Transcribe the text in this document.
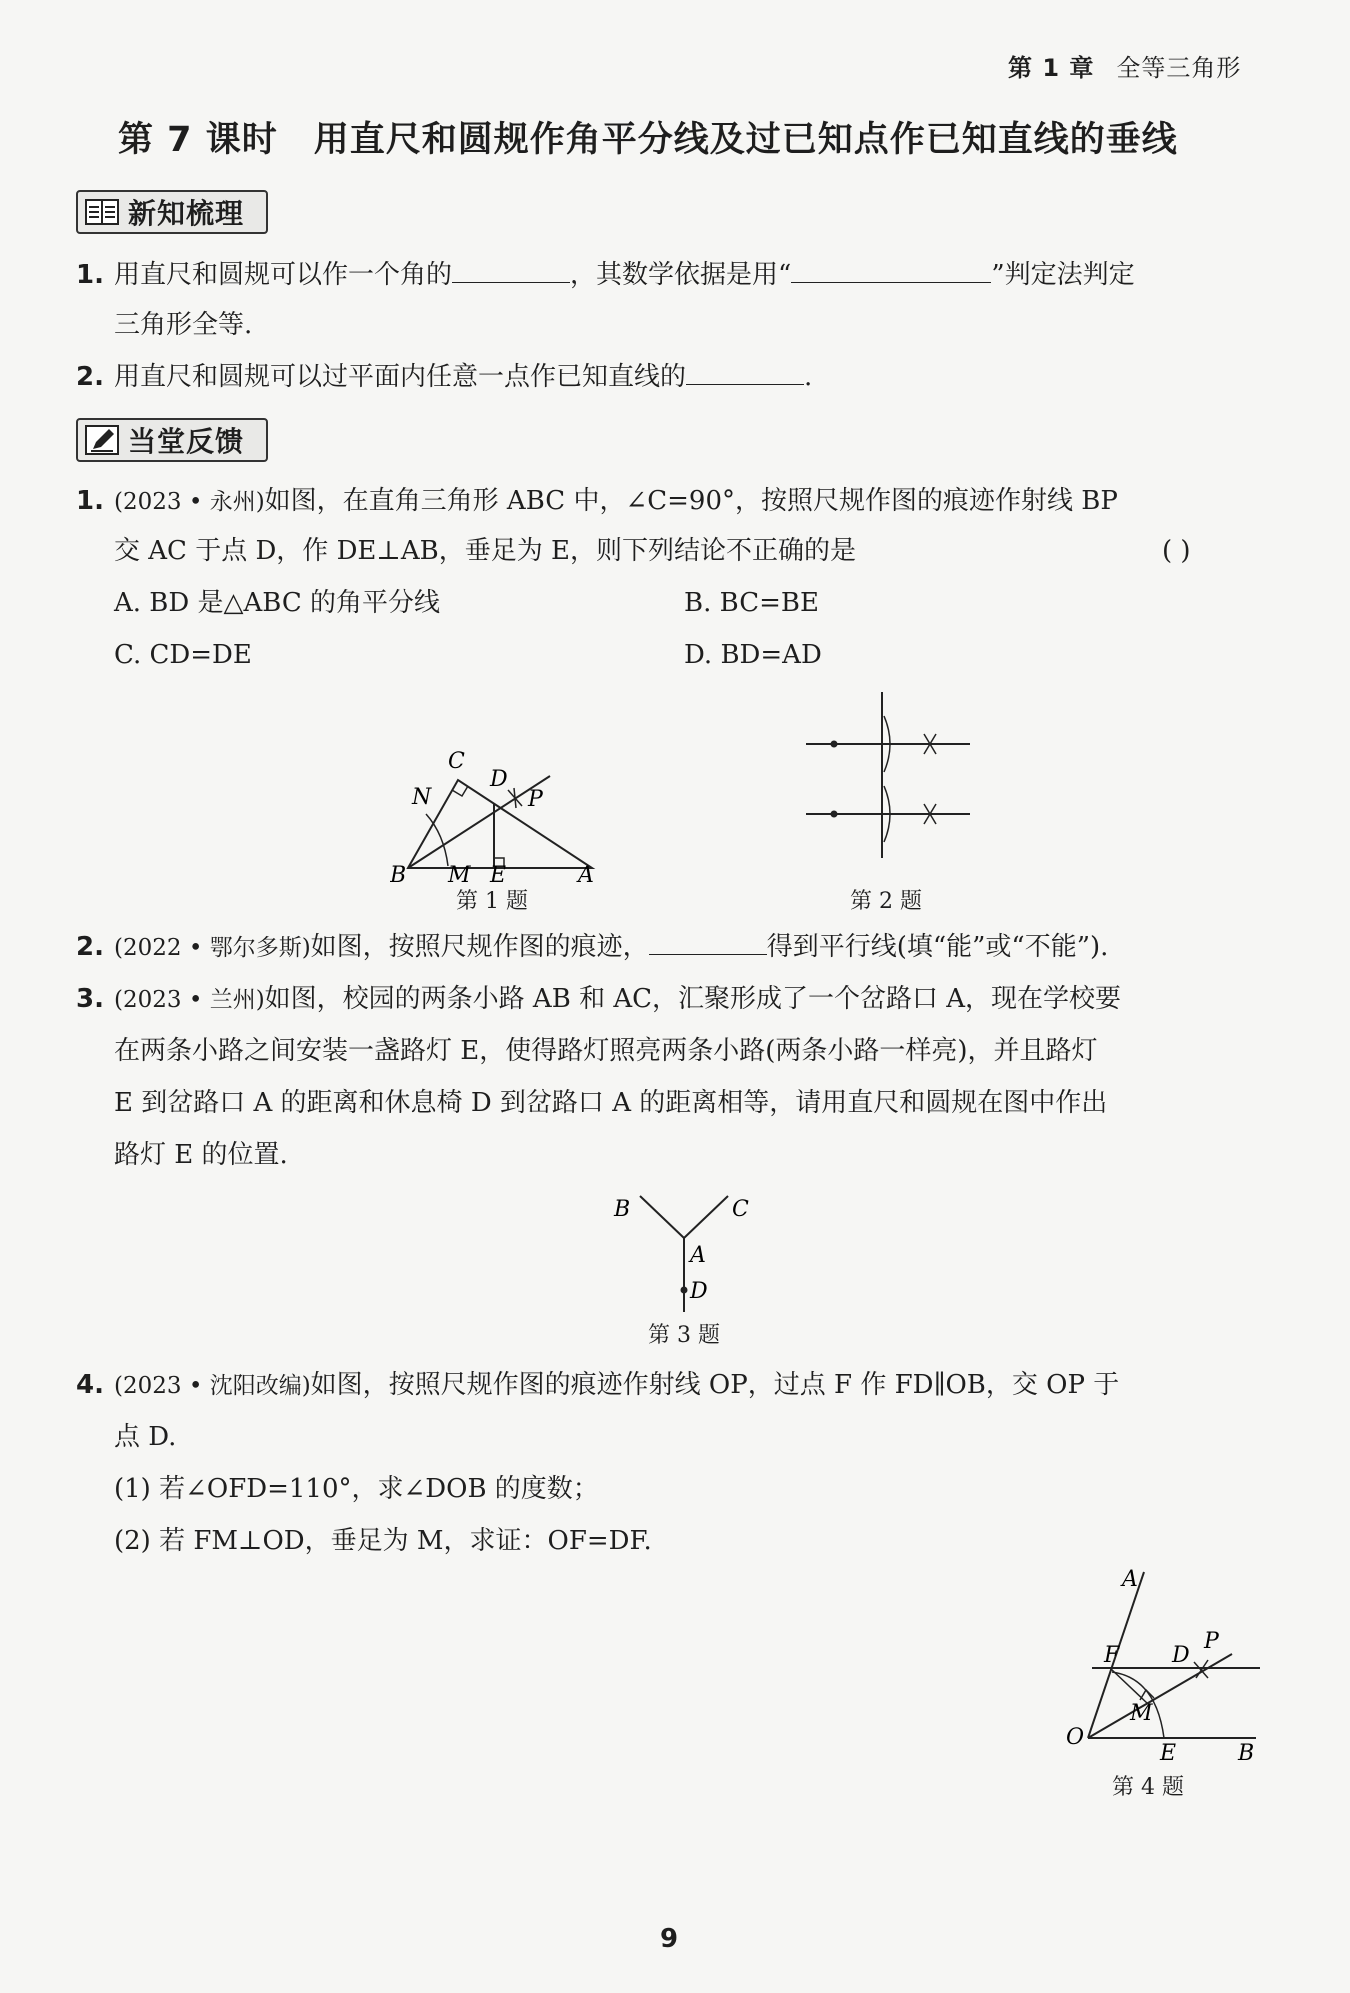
第 1 章 全等三角形
第 7 课时 用直尺和圆规作角平分线及过已知点作已知直线的垂线
新知梳理
1. 用直尺和圆规可以作一个角的	，其数学依据是用“	”判定法判定
三角形全等.
2. 用直尺和圆规可以过平面内任意一点作已知直线的	.
当堂反馈
1. (2023 • 永州)如图，在直角三角形 ABC 中，∠C=90°，按照尺规作图的痕迹作射线 BP
交 AC 于点 D，作 DE⊥AB，垂足为 E，则下列结论不正确的是	( )
A. BD 是△ABC 的角平分线	B. BC=BE
C. CD=DE	D. BD=AD
C
D
N	P
B M E	A
第 1 题	第 2 题
2. (2022 • 鄂尔多斯)如图，按照尺规作图的痕迹，	得到平行线(填“能”或“不能”).
3. (2023 • 兰州)如图，校园的两条小路 AB 和 AC，汇聚形成了一个岔路口 A，现在学校要
在两条小路之间安装一盏路灯 E，使得路灯照亮两条小路(两条小路一样亮)，并且路灯
E 到岔路口 A 的距离和休息椅 D 到岔路口 A 的距离相等，请用直尺和圆规在图中作出
路灯 E 的位置.
B	C
A
D
第 3 题
4. (2023 • 沈阳改编)如图，按照尺规作图的痕迹作射线 OP，过点 F 作 FD∥OB，交 OP 于
点 D.
(1) 若∠OFD=110°，求∠DOB 的度数；
(2) 若 FM⊥OD，垂足为 M，求证：OF=DF.
A
P
F D
M
O
E	B
第 4 题
9
